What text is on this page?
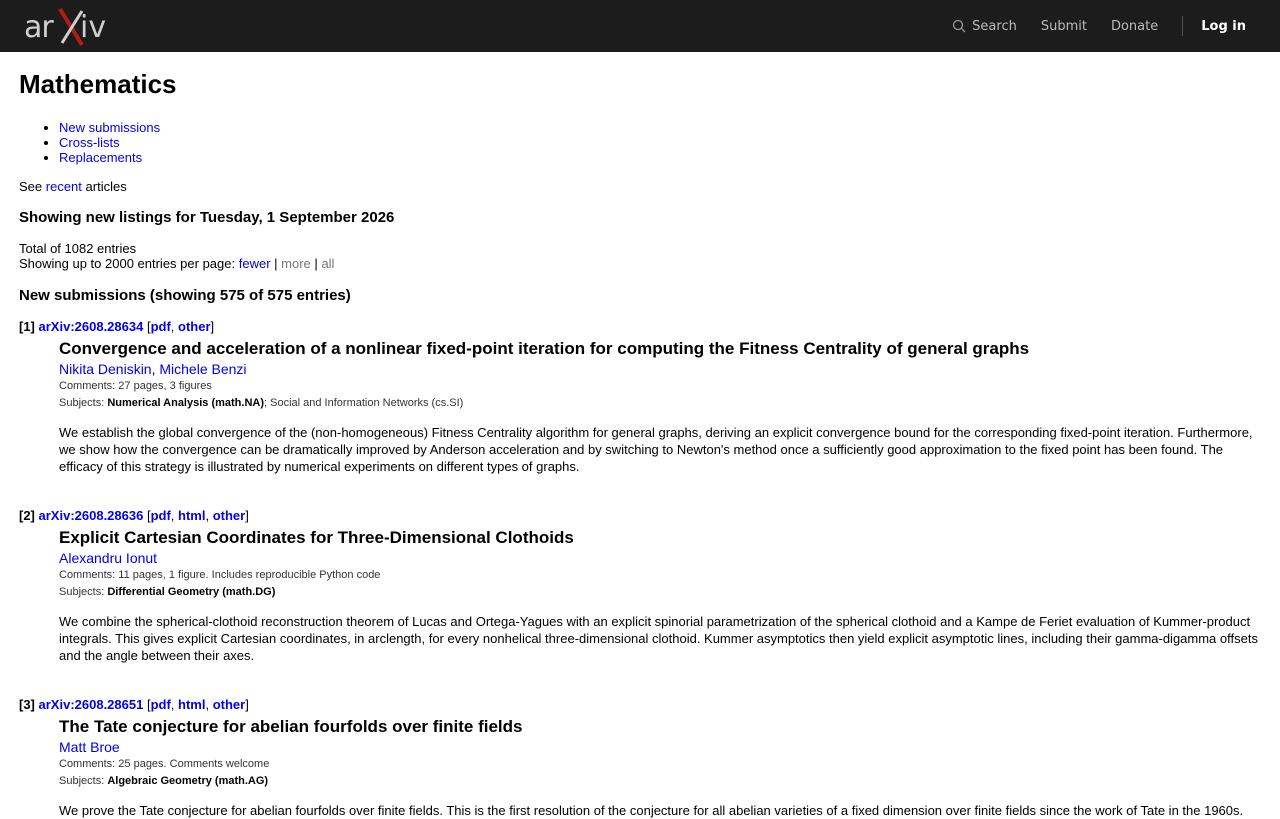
ar iv	Search Submit Donate	Log in
Mathematics
• New submissions
• Cross-lists
• Replacements

See recent articles

Showing new listings for Tuesday, 1 September 2026
Total of 1082 entries
Showing up to 2000 entries per page: fewer | more | all
New submissions (showing 575 of 575 entries)
[1] arXiv:2608.28634 [pdf, other]
Convergence and acceleration of a nonlinear fixed-point iteration for computing the Fitness Centrality of general graphs
Nikita Deniskin, Michele Benzi
Comments: 27 pages, 3 figures
Subjects: Numerical Analysis (math.NA); Social and Information Networks (cs.SI)

We establish the global convergence of the (non-homogeneous) Fitness Centrality algorithm for general graphs, deriving an explicit convergence bound for the corresponding fixed-point iteration. Furthermore, we show how the convergence can be dramatically improved by Anderson acceleration and by switching to Newton's method once a sufficiently good approximation to the fixed point has been found. The efficacy of this strategy is illustrated by numerical experiments on different types of graphs.

[2] arXiv:2608.28636 [pdf, html, other]
Explicit Cartesian Coordinates for Three-Dimensional Clothoids
Alexandru Ionut
Comments: 11 pages, 1 figure. Includes reproducible Python code
Subjects: Differential Geometry (math.DG)

We combine the spherical-clothoid reconstruction theorem of Lucas and Ortega-Yagues with an explicit spinorial parametrization of the spherical clothoid and a Kampe de Feriet evaluation of Kummer-product integrals. This gives explicit Cartesian coordinates, in arclength, for every nonhelical three-dimensional clothoid. Kummer asymptotics then yield explicit asymptotic lines, including their gamma-digamma offsets and the angle between their axes.

[3] arXiv:2608.28651 [pdf, html, other]
The Tate conjecture for abelian fourfolds over finite fields
Matt Broe
Comments: 25 pages. Comments welcome
Subjects: Algebraic Geometry (math.AG)

We prove the Tate conjecture for abelian fourfolds over finite fields. This is the first resolution of the conjecture for all abelian varieties of a fixed dimension over finite fields since the work of Tate in the 1960s.
